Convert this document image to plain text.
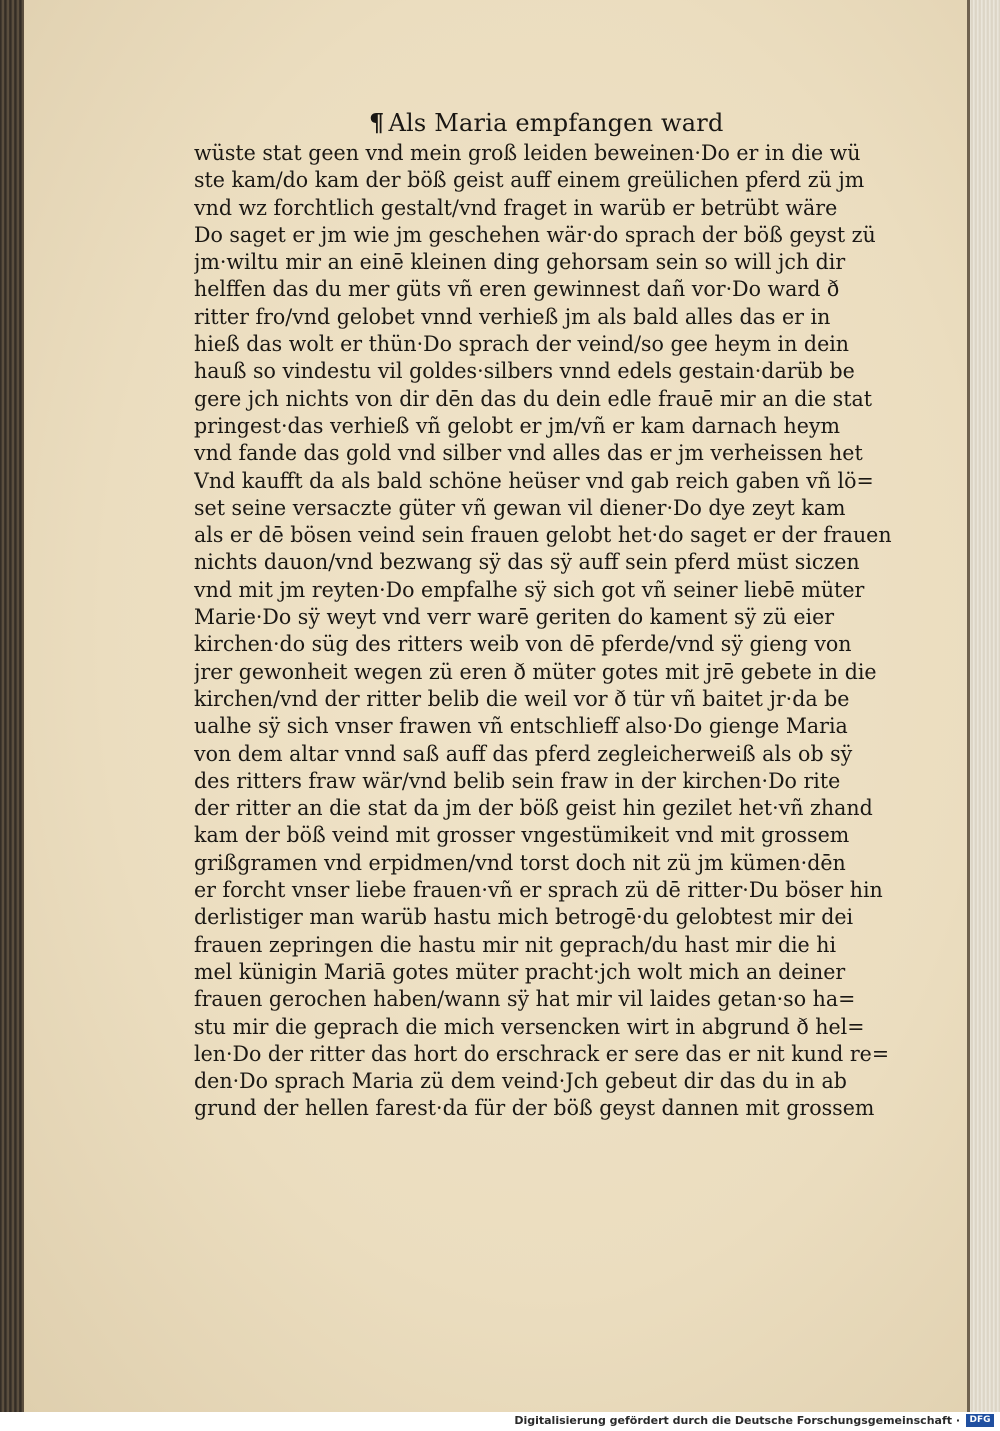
¶ Als Maria empfangen ward
wüste stat geen vnd mein groß leiden beweinen·Do er in die wü
ste kam/do kam der böß geist auff einem greülichen pferd zü jm
vnd wz forchtlich gestalt/vnd fraget in warüb er betrübt wäre
Do saget er jm wie jm geschehen wär·do sprach der böß geyst zü
jm·wiltu mir an einē kleinen ding gehorsam sein so will jch dir
helffen das du mer güts vñ eren gewinnest dañ vor·Do ward ð
ritter fro/vnd gelobet vnnd verhieß jm als bald alles das er in
hieß das wolt er thün·Do sprach der veind/so gee heym in dein
hauß so vindestu vil goldes·silbers vnnd edels gestain·darüb be
gere jch nichts von dir dēn das du dein edle frauē mir an die stat
pringest·das verhieß vñ gelobt er jm/vñ er kam darnach heym
vnd fande das gold vnd silber vnd alles das er jm verheissen het
Vnd kaufft da als bald schöne heüser vnd gab reich gaben vñ lö=
set seine versaczte güter vñ gewan vil diener·Do dye zeyt kam
als er dē bösen veind sein frauen gelobt het·do saget er der frauen
nichts dauon/vnd bezwang sÿ das sÿ auff sein pferd müst siczen
vnd mit jm reyten·Do empfalhe sÿ sich got vñ seiner liebē müter
Marie·Do sÿ weyt vnd verr warē geriten do kament sÿ zü eier
kirchen·do süg des ritters weib von dē pferde/vnd sÿ gieng von
jrer gewonheit wegen zü eren ð müter gotes mit jrē gebete in die
kirchen/vnd der ritter belib die weil vor ð tür vñ baitet jr·da be
ualhe sÿ sich vnser frawen vñ entschlieff also·Do gienge Maria
von dem altar vnnd saß auff das pferd zegleicherweiß als ob sÿ
des ritters fraw wär/vnd belib sein fraw in der kirchen·Do rite
der ritter an die stat da jm der böß geist hin gezilet het·vñ zhand
kam der böß veind mit grosser vngestümikeit vnd mit grossem
grißgramen vnd erpidmen/vnd torst doch nit zü jm kümen·dēn
er forcht vnser liebe frauen·vñ er sprach zü dē ritter·Du böser hin
derlistiger man warüb hastu mich betrogē·du gelobtest mir dei
frauen zepringen die hastu mir nit geprach/du hast mir die hi
mel künigin Mariā gotes müter pracht·jch wolt mich an deiner
frauen gerochen haben/wann sÿ hat mir vil laides getan·so ha=
stu mir die geprach die mich versencken wirt in abgrund ð hel=
len·Do der ritter das hort do erschrack er sere das er nit kund re=
den·Do sprach Maria zü dem veind·Jch gebeut dir das du in ab
grund der hellen farest·da für der böß geyst dannen mit grossem
Digitalisierung gefördert durch die Deutsche Forschungsgemeinschaft ·	DFG
